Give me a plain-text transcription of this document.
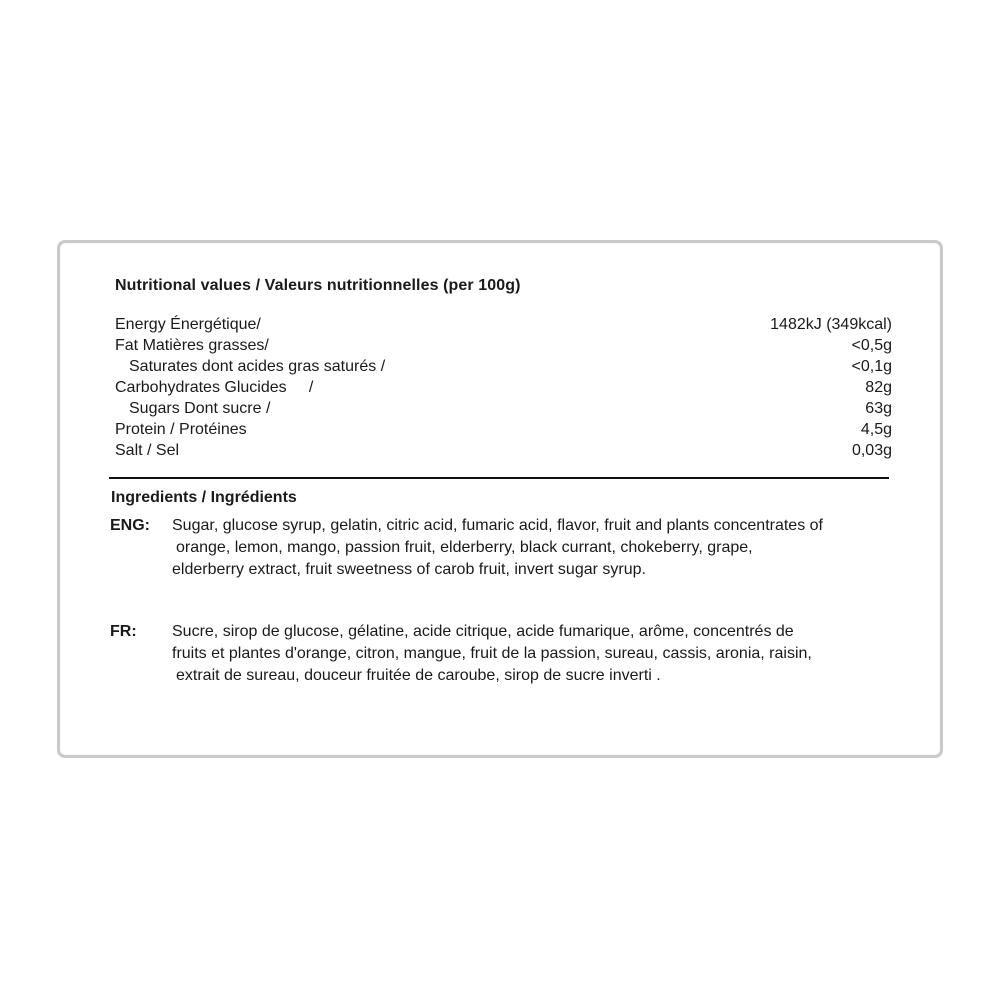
Nutritional values / Valeurs nutritionnelles (per 100g)
Energy Énergétique/	1482kJ (349kcal)
Fat Matières grasses/	<0,5g
Saturates dont acides gras saturés /	<0,1g
Carbohydrates Glucides     /	82g
Sugars Dont sucre /	63g
Protein / Protéines	4,5g
Salt / Sel	0,03g
Ingredients / Ingrédients
ENG: Sugar, glucose syrup, gelatin, citric acid, fumaric acid, flavor, fruit and plants concentrates of
orange, lemon, mango, passion fruit, elderberry, black currant, chokeberry, grape,
elderberry extract, fruit sweetness of carob fruit, invert sugar syrup.
FR: Sucre, sirop de glucose, gélatine, acide citrique, acide fumarique, arôme, concentrés de
fruits et plantes d'orange, citron, mangue, fruit de la passion, sureau, cassis, aronia, raisin,
extrait de sureau, douceur fruitée de caroube, sirop de sucre inverti .
